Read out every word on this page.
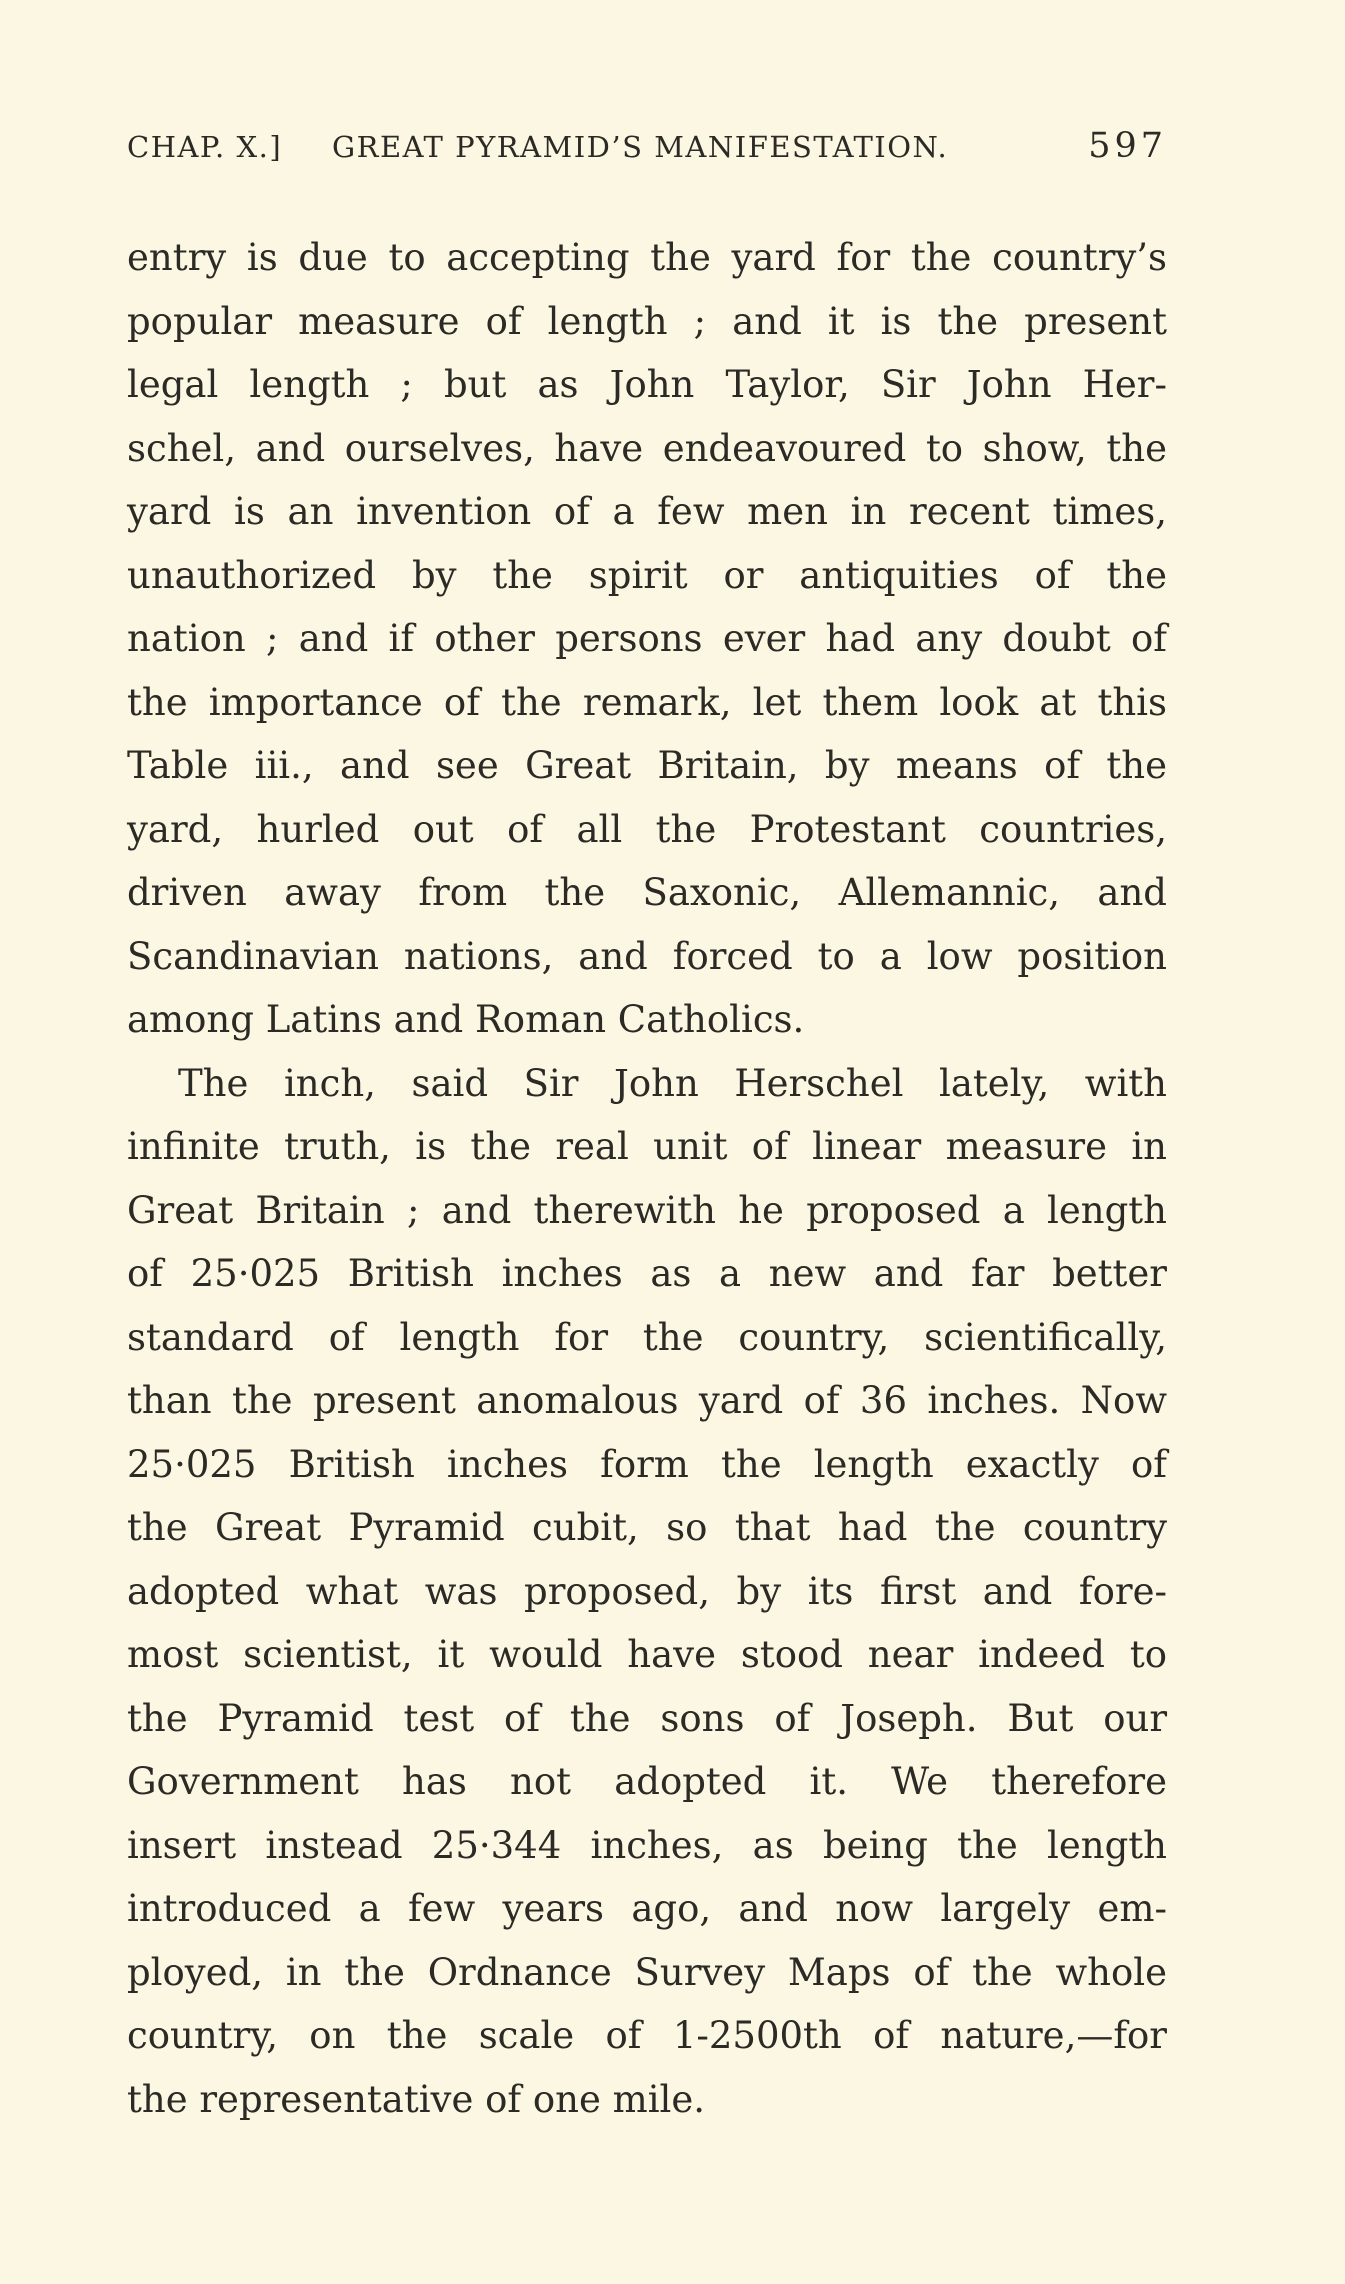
CHAP. X.] GREAT PYRAMID’S MANIFESTATION.	597
entry is due to accepting the yard for the country’s
popular measure of length ; and it is the present
legal length ; but as John Taylor, Sir John Her-
schel, and ourselves, have endeavoured to show, the
yard is an invention of a few men in recent times,
unauthorized by the spirit or antiquities of the
nation ; and if other persons ever had any doubt of
the importance of the remark, let them look at this
Table iii., and see Great Britain, by means of the
yard, hurled out of all the Protestant countries,
driven away from the Saxonic, Allemannic, and
Scandinavian nations, and forced to a low position
among Latins and Roman Catholics.
The inch, said Sir John Herschel lately, with
infinite truth, is the real unit of linear measure in
Great Britain ; and therewith he proposed a length
of 25·025 British inches as a new and far better
standard of length for the country, scientifically,
than the present anomalous yard of 36 inches. Now
25·025 British inches form the length exactly of
the Great Pyramid cubit, so that had the country
adopted what was proposed, by its first and fore-
most scientist, it would have stood near indeed to
the Pyramid test of the sons of Joseph. But our
Government has not adopted it. We therefore
insert instead 25·344 inches, as being the length
introduced a few years ago, and now largely em-
ployed, in the Ordnance Survey Maps of the whole
country, on the scale of 1-2500th of nature,—for
the representative of one mile.
